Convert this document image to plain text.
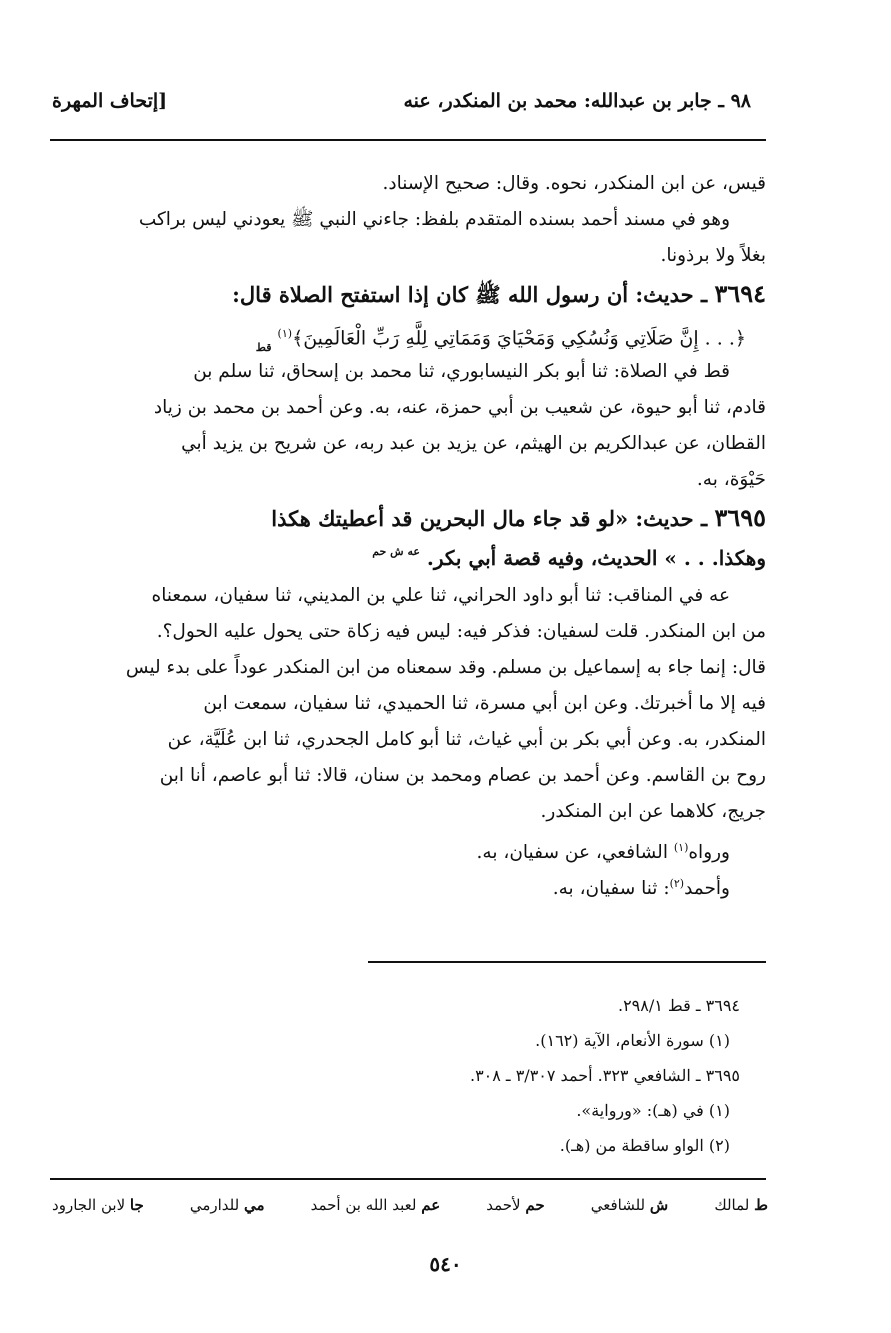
٩٨ ـ جابر بن عبدالله: محمد بن المنكدر، عنه
[إتحاف المهرة
قيس، عن ابن المنكدر، نحوه. وقال: صحيح الإسناد.
وهو في مسند أحمد بسنده المتقدم بلفظ: جاءني النبي ﷺ يعودني ليس براكب
بغلاً ولا برذونا.
٣٦٩٤ ـ حديث: أن رسول الله ﷺ كان إذا استفتح الصلاة قال:
﴿. . . إِنَّ صَلَاتِي وَنُسُكِي وَمَحْيَايَ وَمَمَاتِي لِلَّهِ رَبِّ الْعَالَمِينَ﴾$^{(١)}$ قط
قط في الصلاة: ثنا أبو بكر النيسابوري، ثنا محمد بن إسحاق، ثنا سلم بن
قادم، ثنا أبو حيوة، عن شعيب بن أبي حمزة، عنه، به. وعن أحمد بن محمد بن زياد
القطان، عن عبدالكريم بن الهيثم، عن يزيد بن عبد ربه، عن شريح بن يزيد أبي
حَيْوَة، به.
٣٦٩٥ ـ حديث: «لو قد جاء مال البحرين قد أعطيتك هكذا
وهكذا. . . » الحديث، وفيه قصة أبي بكر. عه ش حم
عه في المناقب: ثنا أبو داود الحراني، ثنا علي بن المديني، ثنا سفيان، سمعناه
من ابن المنكدر. قلت لسفيان: فذكر فيه: ليس فيه زكاة حتى يحول عليه الحول؟.
قال: إنما جاء به إسماعيل بن مسلم. وقد سمعناه من ابن المنكدر عوداً على بدء ليس
فيه إلا ما أخبرتك. وعن ابن أبي مسرة، ثنا الحميدي، ثنا سفيان، سمعت ابن
المنكدر، به. وعن أبي بكر بن أبي غياث، ثنا أبو كامل الجحدري، ثنا ابن عُلَيَّة، عن
روح بن القاسم. وعن أحمد بن عصام ومحمد بن سنان، قالا: ثنا أبو عاصم، أنا ابن
جريج، كلاهما عن ابن المنكدر.
ورواه$^{(١)}$ الشافعي، عن سفيان، به.
وأحمد$^{(٢)}$: ثنا سفيان، به.
٣٦٩٤ ـ قط ٢٩٨/١.
(١) سورة الأنعام، الآية (١٦٢).
٣٦٩٥ ـ الشافعي ٣٢٣. أحمد ٣/٣٠٧ ـ ٣٠٨.
(١) في (هـ): «ورواية».
(٢) الواو ساقطة من (هـ).
ط لمالك
ش للشافعي
حم لأحمد
عم لعبد الله بن أحمد
مي للدارمي
جا لابن الجارود
٥٤٠
